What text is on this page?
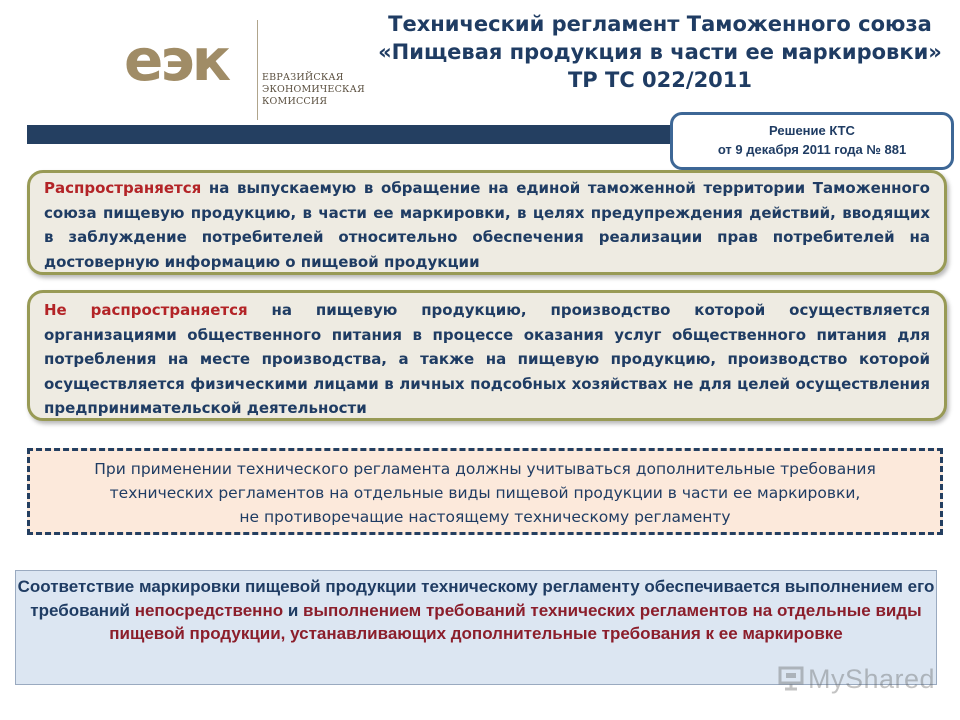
еэк	ЕВРАЗИЙСКАЯ
ЭКОНОМИЧЕСКАЯ
КОМИССИЯ
Технический регламент Таможенного союза
«Пищевая продукция в части ее маркировки»
ТР ТС 022/2011
Решение КТС
от 9 декабря 2011 года № 881
Распространяется на выпускаемую в обращение на единой таможенной территории Таможенного союза пищевую продукцию, в части ее маркировки, в целях предупреждения действий, вводящих в заблуждение потребителей относительно обеспечения реализации прав потребителей на достоверную информацию о пищевой продукции
Не распространяется на пищевую продукцию, производство которой осуществляется организациями общественного питания в процессе оказания услуг общественного питания для потребления на месте производства, а также на пищевую продукцию, производство которой осуществляется физическими лицами в личных подсобных хозяйствах не для целей осуществления предпринимательской деятельности
При применении технического регламента должны учитываться дополнительные требования
технических регламентов на отдельные виды пищевой продукции в части ее маркировки,
не противоречащие настоящему техническому регламенту
Соответствие маркировки пищевой продукции техническому регламенту обеспечивается выполнением его требований непосредственно и выполнением требований технических регламентов на отдельные виды пищевой продукции, устанавливающих дополнительные требования к ее маркировке
MyShared
